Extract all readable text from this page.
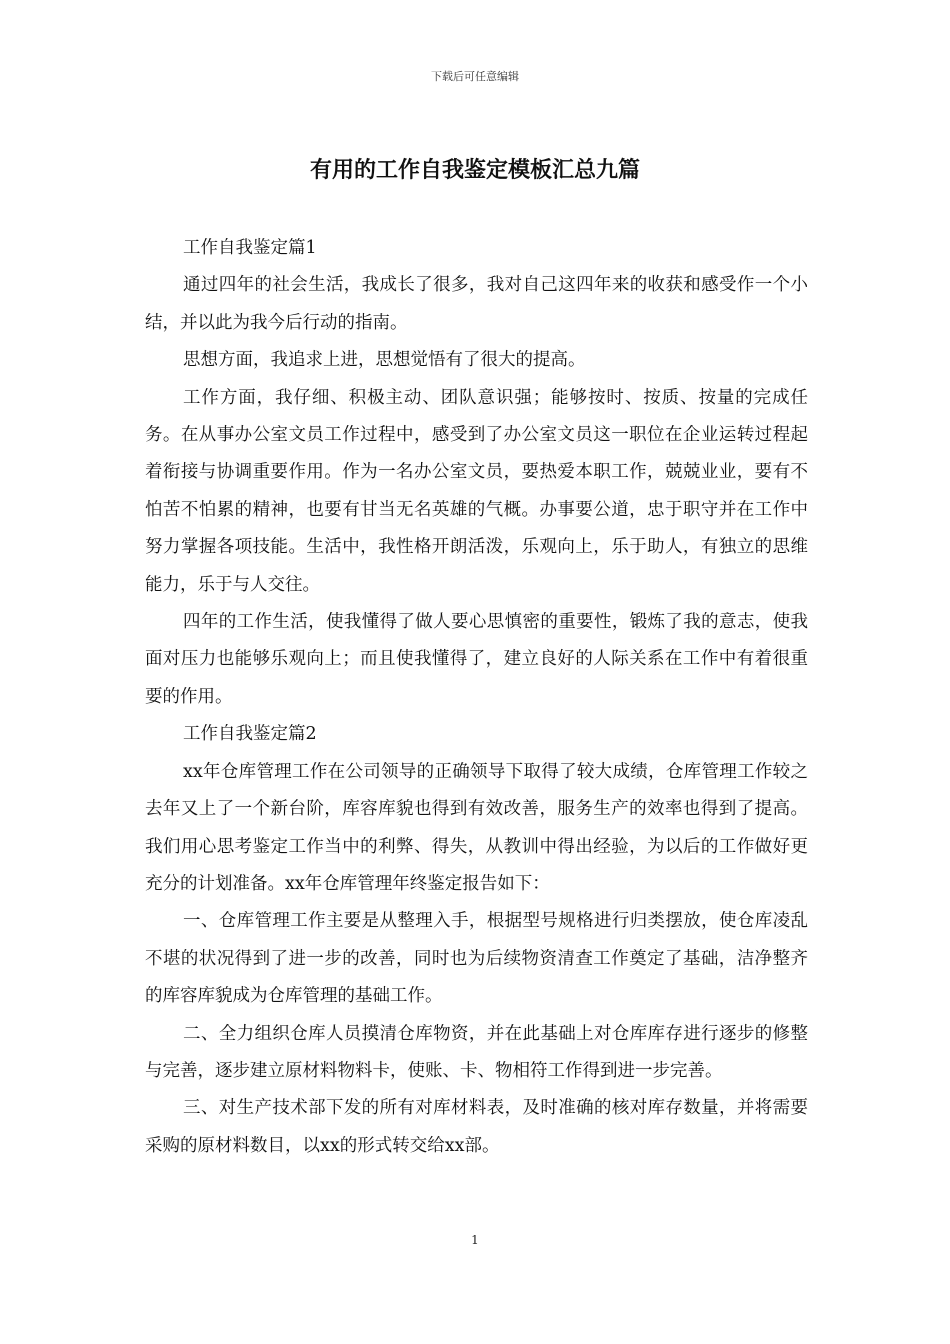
下载后可任意编辑
有用的工作自我鉴定模板汇总九篇

工作自我鉴定篇1

通过四年的社会生活，我成长了很多，我对自己这四年来的收获和感受作一个小结，并以此为我今后行动的指南。

思想方面，我追求上进，思想觉悟有了很大的提高。

工作方面，我仔细、积极主动、团队意识强；能够按时、按质、按量的完成任务。在从事办公室文员工作过程中，感受到了办公室文员这一职位在企业运转过程起着衔接与协调重要作用。作为一名办公室文员，要热爱本职工作，兢兢业业，要有不怕苦不怕累的精神，也要有甘当无名英雄的气概。办事要公道，忠于职守并在工作中努力掌握各项技能。生活中，我性格开朗活泼，乐观向上，乐于助人，有独立的思维能力，乐于与人交往。

四年的工作生活，使我懂得了做人要心思慎密的重要性，锻炼了我的意志，使我面对压力也能够乐观向上；而且使我懂得了，建立良好的人际关系在工作中有着很重要的作用。

工作自我鉴定篇2

xx年仓库管理工作在公司领导的正确领导下取得了较大成绩，仓库管理工作较之去年又上了一个新台阶，库容库貌也得到有效改善，服务生产的效率也得到了提高。我们用心思考鉴定工作当中的利弊、得失，从教训中得出经验，为以后的工作做好更充分的计划准备。xx年仓库管理年终鉴定报告如下：

一、仓库管理工作主要是从整理入手，根据型号规格进行归类摆放，使仓库凌乱不堪的状况得到了进一步的改善，同时也为后续物资清查工作奠定了基础，洁净整齐的库容库貌成为仓库管理的基础工作。

二、全力组织仓库人员摸清仓库物资，并在此基础上对仓库库存进行逐步的修整与完善，逐步建立原材料物料卡，使账、卡、物相符工作得到进一步完善。

三、对生产技术部下发的所有对库材料表，及时准确的核对库存数量，并将需要采购的原材料数目，以xx的形式转交给xx部。

1
